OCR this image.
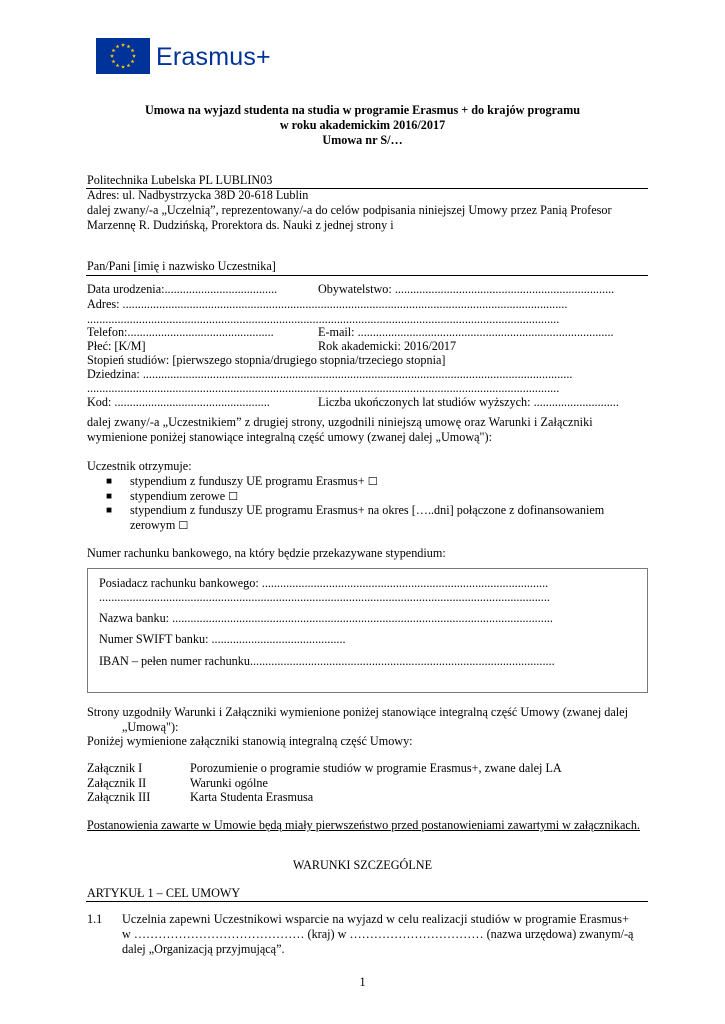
Erasmus+
Umowa na wyjazd studenta na studia w programie Erasmus + do krajów programu
w roku akademickim 2016/2017
Umowa nr S/…
Politechnika Lubelska PL LUBLIN03
Adres: ul. Nadbystrzycka 38D 20-618 Lublin
dalej zwany/-a „Uczelnią”, reprezentowany/-a do celów podpisania niniejszej Umowy przez Panią Profesor
Marzennę R. Dudzińską, Prorektora ds. Nauki z jednej strony i
Pan/Pani [imię i nazwisko Uczestnika]
Data urodzenia:.....................................	Obywatelstwo: ........................................................................
Adres: ..................................................................................................................................................
...........................................................................................................................................................
Telefon:................................................	E-mail: ....................................................................................
Płeć: [K/M]	Rok akademicki: 2016/2017
Stopień studiów: [pierwszego stopnia/drugiego stopnia/trzeciego stopnia]
Dziedzina: .............................................................................................................................................
...........................................................................................................................................................
Kod: ...................................................	Liczba ukończonych lat studiów wyższych: ............................
dalej zwany/-a „Uczestnikiem” z drugiej strony, uzgodnili niniejszą umowę oraz Warunki i Załączniki
wymienione poniżej stanowiące integralną część umowy (zwanej dalej „Umową"):
Uczestnik otrzymuje:
■ stypendium z funduszy UE programu Erasmus+ ☐
■ stypendium zerowe ☐
■ stypendium z funduszy UE programu Erasmus+ na okres […..dni] połączone z dofinansowaniem
zerowym ☐
Numer rachunku bankowego, na który będzie przekazywane stypendium:
Posiadacz rachunku bankowego: ..............................................................................................
....................................................................................................................................................
Nazwa banku: .............................................................................................................................
Numer SWIFT banku: ............................................
IBAN – pełen numer rachunku....................................................................................................
Strony uzgodniły Warunki i Załączniki wymienione poniżej stanowiące integralną część Umowy (zwanej dalej
„Umową"):
Poniżej wymienione załączniki stanowią integralną część Umowy:
Załącznik I	Porozumienie o programie studiów w programie Erasmus+, zwane dalej LA
Załącznik II	Warunki ogólne
Załącznik III	Karta Studenta Erasmusa
Postanowienia zawarte w Umowie będą miały pierwszeństwo przed postanowieniami zawartymi w załącznikach.
WARUNKI SZCZEGÓLNE
ARTYKUŁ 1 – CEL UMOWY
1.1 Uczelnia zapewni Uczestnikowi wsparcie na wyjazd w celu realizacji studiów w programie Erasmus+
w …………………………………… (kraj) w …………………………… (nazwa urzędowa) zwanym/-ą
dalej „Organizacją przyjmującą”.
1
